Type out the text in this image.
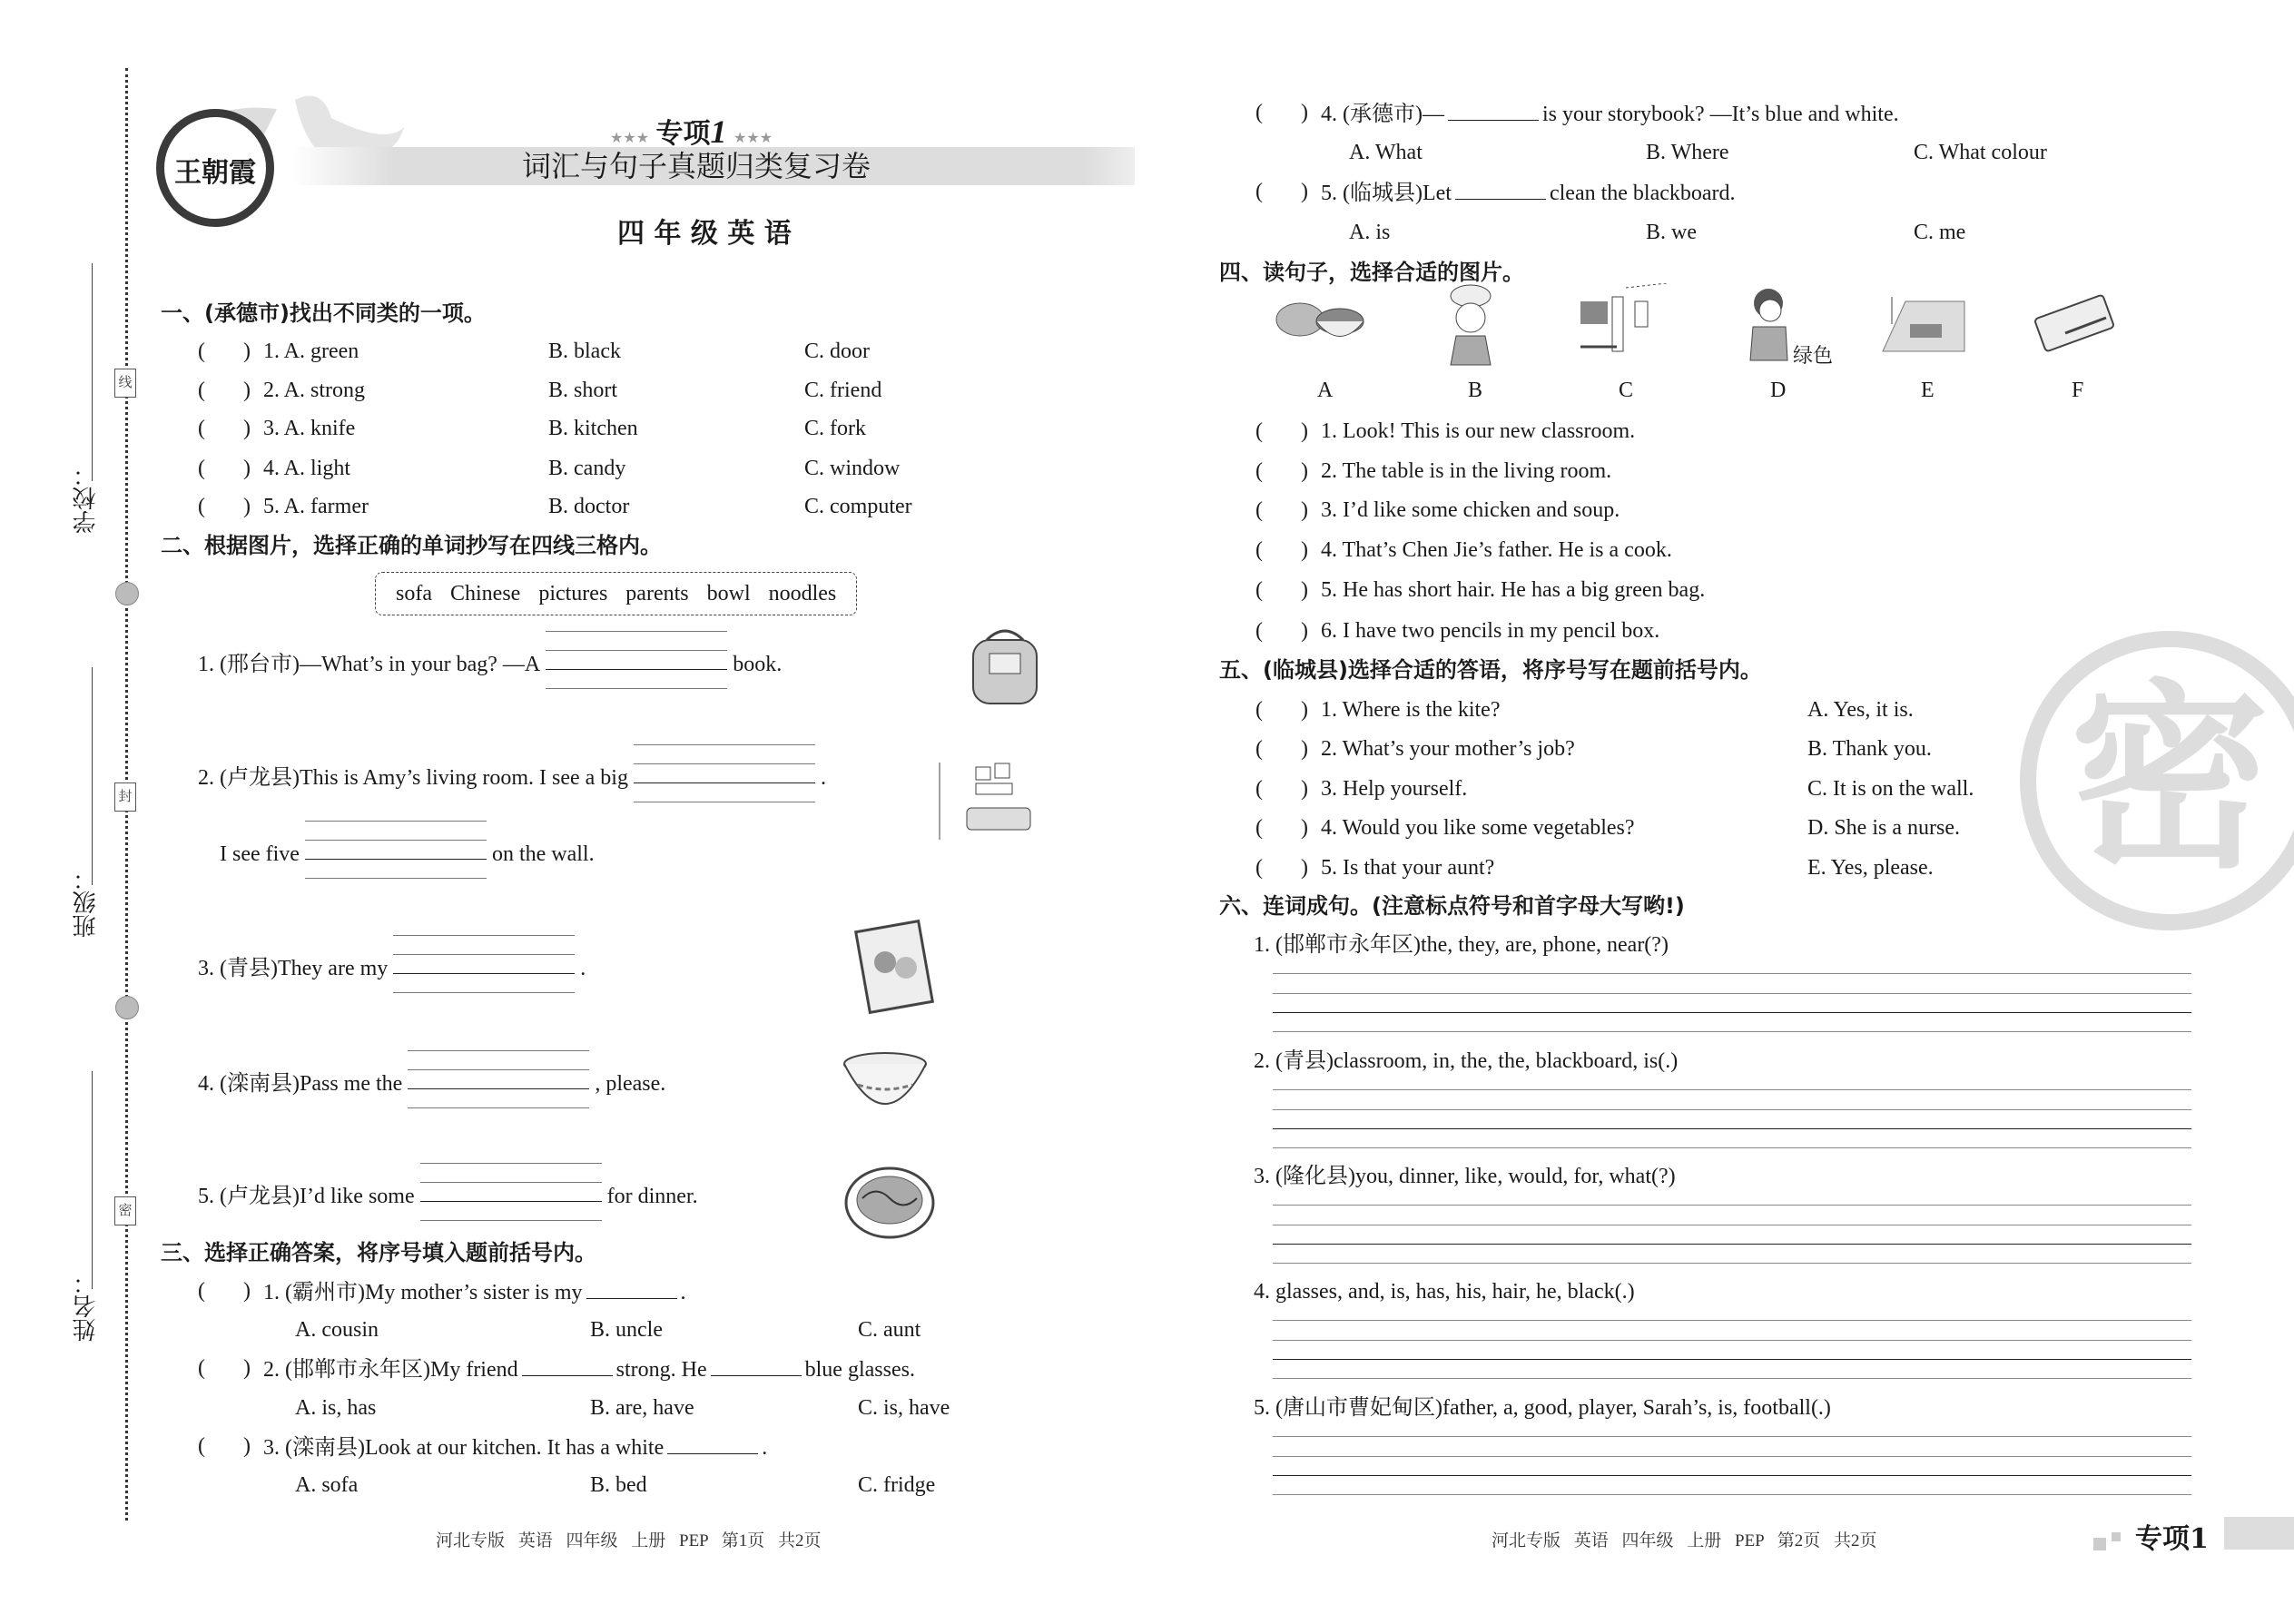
学校：
班级：
姓名：
线
封
密
王朝霞
★★★ 专项1 ★★★
词汇与句子真题归类复习卷
四 年 级 英 语
密
专项1
河北专版 英语 四年级 上册 PEP 第1页 共2页	河北专版 英语 四年级 上册 PEP 第2页 共2页
一、(承德市)找出不同类的一项。
(       ) 1. A. green	B. black	C. door
(       ) 2. A. strong	B. short	C. friend
(       ) 3. A. knife	B. kitchen	C. fork
(       ) 4. A. light	B. candy	C. window
(       ) 5. A. farmer	B. doctor	C. computer
二、根据图片，选择正确的单词抄写在四线三格内。
sofa Chinese pictures parents bowl noodles
1. (邢台市)—What’s in your bag? —A	book.
2. (卢龙县)This is Amy’s living room. I see a big	.
I see five	on the wall.
3. (青县)They are my	.
4. (滦南县)Pass me the	, please.
5. (卢龙县)I’d like some	for dinner.
三、选择正确答案，将序号填入题前括号内。
(       ) 1. (霸州市)My mother’s sister is my	.
A. cousin	B. uncle	C. aunt
(       ) 2. (邯郸市永年区)My friend	strong. He	blue glasses.
A. is, has	B. are, have	C. is, have
(       ) 3. (滦南县)Look at our kitchen. It has a white	.
A. sofa	B. bed	C. fridge
(       ) 4. (承德市)—	is your storybook? —It’s blue and white.
A. What	B. Where	C. What colour
(       ) 5. (临城县)Let	clean the blackboard.
A. is	B. we	C. me
四、读句子，选择合适的图片。
A	B	C	D	E	F
绿色
(       ) 1. Look! This is our new classroom.
(       ) 2. The table is in the living room.
(       ) 3. I’d like some chicken and soup.
(       ) 4. That’s Chen Jie’s father. He is a cook.
(       ) 5. He has short hair. He has a big green bag.
(       ) 6. I have two pencils in my pencil box.
五、(临城县)选择合适的答语，将序号写在题前括号内。
(       ) 1. Where is the kite?	A. Yes, it is.
(       ) 2. What’s your mother’s job?	B. Thank you.
(       ) 3. Help yourself.	C. It is on the wall.
(       ) 4. Would you like some vegetables?	D. She is a nurse.
(       ) 5. Is that your aunt?	E. Yes, please.
六、连词成句。(注意标点符号和首字母大写哟!)
1. (邯郸市永年区)the, they, are, phone, near(?)
2. (青县)classroom, in, the, the, blackboard, is(.)
3. (隆化县)you, dinner, like, would, for, what(?)
4. glasses, and, is, has, his, hair, he, black(.)
5. (唐山市曹妃甸区)father, a, good, player, Sarah’s, is, football(.)
